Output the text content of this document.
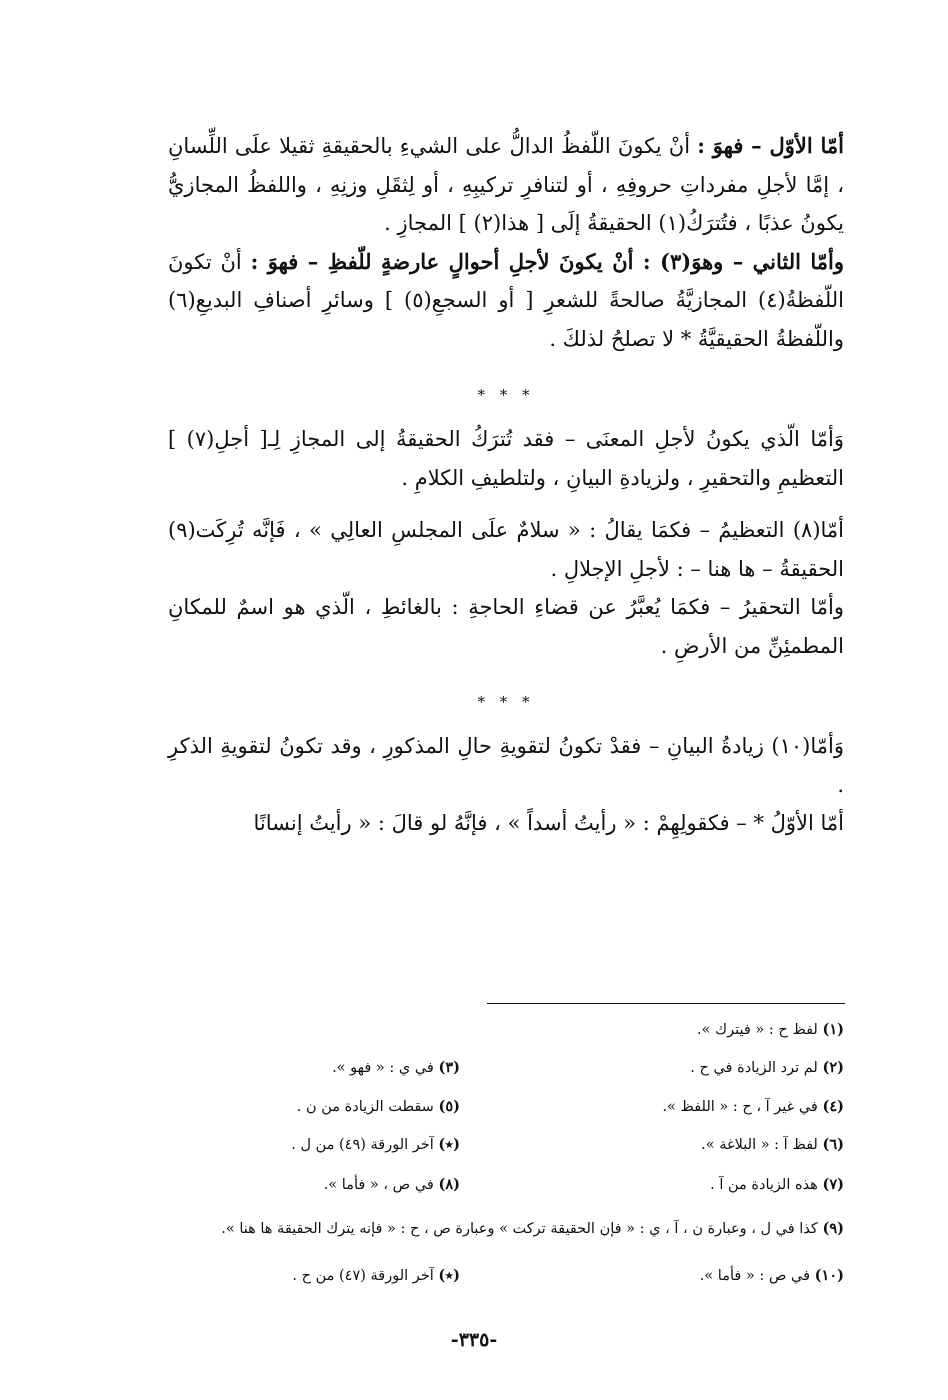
أمّا الأوّل – فهوَ : أنْ يكونَ اللّفظُ الدالُّ على الشيءِ بالحقيقةِ ثقيلا علَى اللِّسانِ ، إمَّا لأجلِ مفرداتِ حروفِهِ ، أو لتنافرِ تركيبِهِ ، أو لِثقَلِ وزنِهِ ، واللفظُ المجازيُّ يكونُ عذبًا ، فتُترَكُ(١) الحقيقةُ إلَى [ هذا(٢) ] المجازِ .

وأمّا الثاني – وهوَ(٣) : أنْ يكونَ لأجلِ أحوالٍ عارضةٍ للّفظِ – فهوَ : أنْ تكونَ اللّفظةُ(٤) المجازيَّةُ صالحةً للشعرِ [ أو السجعِ(٥) ] وسائرِ أصنافِ البديعِ(٦) واللّفظةُ الحقيقيَّةُ * لا تصلحُ لذلكَ .

* * *

وَأمّا الّذي يكونُ لأجلِ المعنَى – فقد تُترَكُ الحقيقةُ إلى المجازِ لِـ[ أجلِ(٧) ] التعظيمِ والتحقيرِ ، ولزيادةِ البيانِ ، ولتلطيفِ الكلامِ .

أمّا(٨) التعظيمُ – فكمَا يقالُ : « سلامٌ علَى المجلسِ العالِي » ، فَإنَّه تُرِكَت(٩) الحقيقةُ – ها هنا – : لأجلِ الإجلالِ .

وأمّا التحقيرُ – فكمَا يُعبَّرُ عن قضاءِ الحاجةِ : بالغائطِ ، الّذي هو اسمٌ للمكانِ المطمئِنِّ من الأرضِ .

* * *

وَأمّا(١٠) زيادةُ البيانِ – فقدْ تكونُ لتقويةِ حالِ المذكورِ ، وقد تكونُ لتقويةِ الذكرِ .

أمّا الأوّلُ * – فكقولِهِمْ : « رأيتُ أسداً » ، فإنَّهُ لو قالَ : « رأيتُ إنسانًا

(١) لفظ ح : « فيترك ».
(٢) لم ترد الزيادة في ح .
(٣) في ي : « فهو ».
(٤) في غير آ ، ح : « اللفظ ».
(٥) سقطت الزيادة من ن .
(٦) لفظ آ : « البلاغة ».
(٭) آخر الورقة (٤٩) من ل .
(٧) هذه الزيادة من آ .
(٨) في ص ، « فأما ».
(٩) كذا في ل ، وعبارة ن ، آ ، ي : « فإن الحقيقة تركت » وعبارة ص ، ح : « فإنه يترك الحقيقة ها هنا ».
(١٠) في ص : « فأما ».
(٭) آخر الورقة (٤٧) من ح .
-٣٣٥-
